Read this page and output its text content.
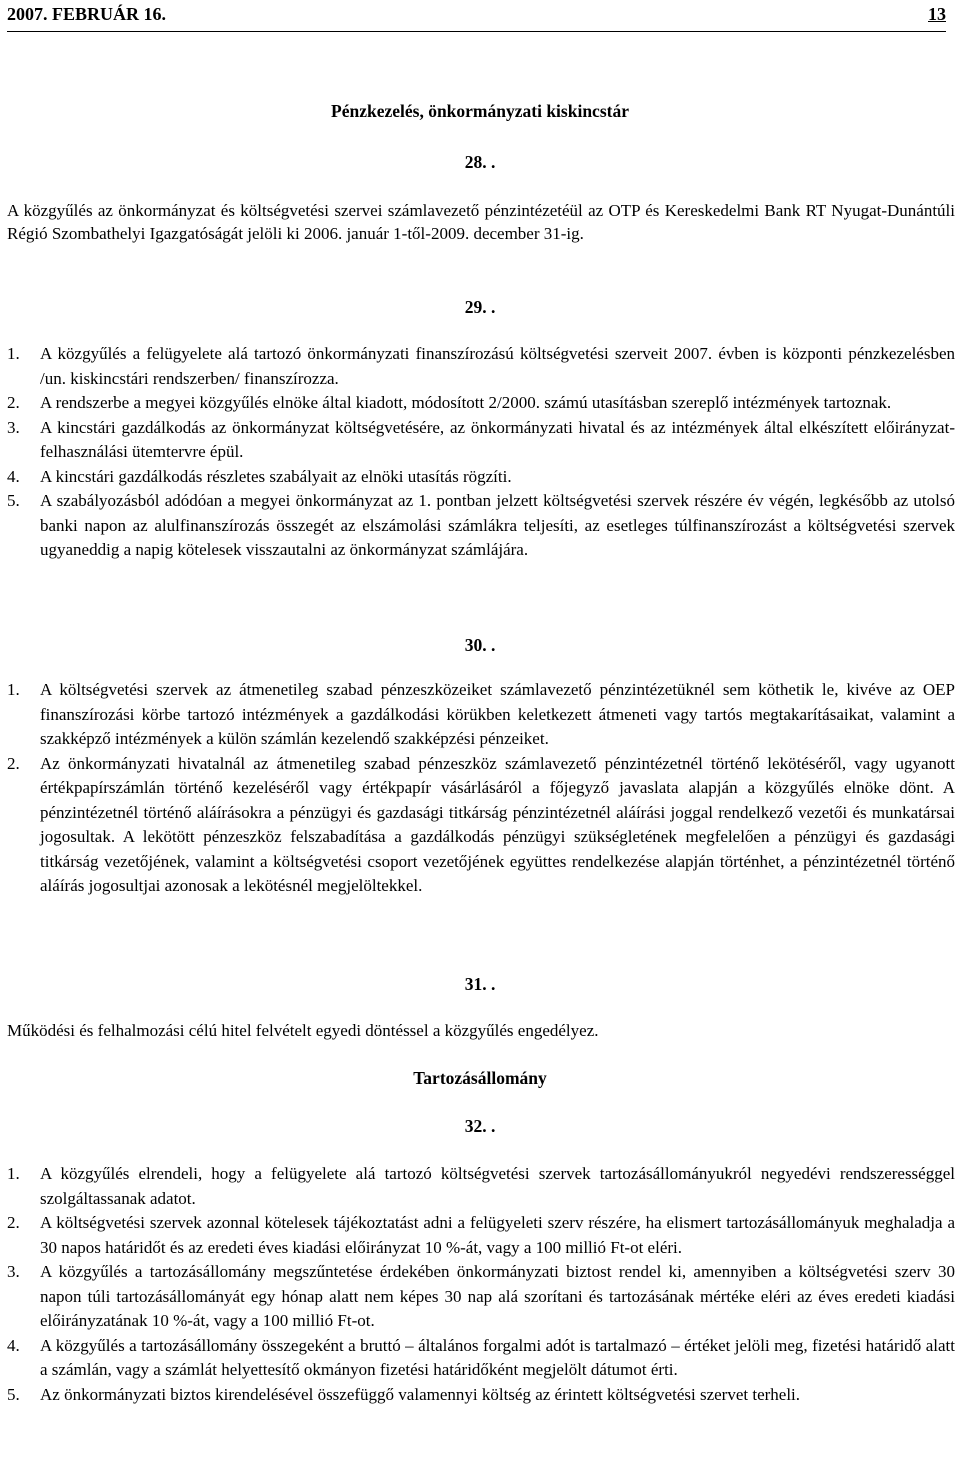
2007. FEBRUÁR 16.	13
Pénzkezelés, önkormányzati kiskincstár
28. .
A közgyűlés az önkormányzat és költségvetési szervei számlavezető pénzintézetéül az OTP és Kereskedelmi Bank RT Nyugat-Dunántúli Régió Szombathelyi Igazgatóságát jelöli ki 2006. január 1-től-2009. december 31-ig.
29. .
1. A közgyűlés a felügyelete alá tartozó önkormányzati finanszírozású költségvetési szerveit 2007. évben is központi pénzkezelésben /un. kiskincstári rendszerben/ finanszírozza.
2. A rendszerbe a megyei közgyűlés elnöke által kiadott, módosított 2/2000. számú utasításban szereplő intézmények tartoznak.
3. A kincstári gazdálkodás az önkormányzat költségvetésére, az önkormányzati hivatal és az intézmények által elkészített előirányzat-felhasználási ütemtervre épül.
4. A kincstári gazdálkodás részletes szabályait az elnöki utasítás rögzíti.
5. A szabályozásból adódóan a megyei önkormányzat az 1. pontban jelzett költségvetési szervek részére év végén, legkésőbb az utolsó banki napon az alulfinanszírozás összegét az elszámolási számlákra teljesíti, az esetleges túlfinanszírozást a költségvetési szervek ugyaneddig a napig kötelesek visszautalni az önkormányzat számlájára.
30. .
1. A költségvetési szervek az átmenetileg szabad pénzeszközeiket számlavezető pénzintézetüknél sem köthetik le, kivéve az OEP finanszírozási körbe tartozó intézmények a gazdálkodási körükben keletkezett átmeneti vagy tartós megtakarításaikat, valamint a szakképző intézmények a külön számlán kezelendő szakképzési pénzeiket.
2. Az önkormányzati hivatalnál az átmenetileg szabad pénzeszköz számlavezető pénzintézetnél történő lekötéséről, vagy ugyanott értékpapírszámlán történő kezeléséről vagy értékpapír vásárlásáról a főjegyző javaslata alapján a közgyűlés elnöke dönt. A pénzintézetnél történő aláírásokra a pénzügyi és gazdasági titkárság pénzintézetnél aláírási joggal rendelkező vezetői és munkatársai jogosultak. A lekötött pénzeszköz felszabadítása a gazdálkodás pénzügyi szükségletének megfelelően a pénzügyi és gazdasági titkárság vezetőjének, valamint a költségvetési csoport vezetőjének együttes rendelkezése alapján történhet, a pénzintézetnél történő aláírás jogosultjai azonosak a lekötésnél megjelöltekkel.
31. .
Működési és felhalmozási célú hitel felvételt egyedi döntéssel a közgyűlés engedélyez.
Tartozásállomány
32. .
1. A közgyűlés elrendeli, hogy a felügyelete alá tartozó költségvetési szervek tartozásállományukról negyedévi rendszerességgel szolgáltassanak adatot.
2. A költségvetési szervek azonnal kötelesek tájékoztatást adni a felügyeleti szerv részére, ha elismert tartozásállományuk meghaladja a 30 napos határidőt és az eredeti éves kiadási előirányzat 10 %-át, vagy a 100 millió Ft-ot eléri.
3. A közgyűlés a tartozásállomány megszűntetése érdekében önkormányzati biztost rendel ki, amennyiben a költségvetési szerv 30 napon túli tartozásállományát egy hónap alatt nem képes 30 nap alá szorítani és tartozásának mértéke eléri az éves eredeti kiadási előirányzatának 10 %-át, vagy a 100 millió Ft-ot.
4. A közgyűlés a tartozásállomány összegeként a bruttó – általános forgalmi adót is tartalmazó – értéket jelöli meg, fizetési határidő alatt a számlán, vagy a számlát helyettesítő okmányon fizetési határidőként megjelölt dátumot érti.
5. Az önkormányzati biztos kirendelésével összefüggő valamennyi költség az érintett költségvetési szervet terheli.
